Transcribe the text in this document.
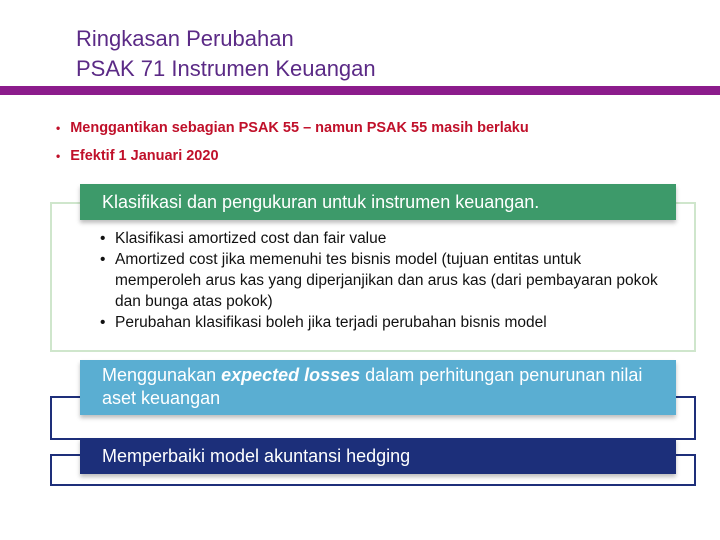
Ringkasan Perubahan
PSAK 71 Instrumen Keuangan
• Menggantikan sebagian PSAK 55 – namun PSAK 55 masih berlaku
• Efektif 1 Januari 2020
Klasifikasi dan pengukuran untuk instrumen keuangan.
• Klasifikasi amortized cost dan fair value
• Amortized cost jika memenuhi tes bisnis model (tujuan entitas untuk memperoleh arus kas yang diperjanjikan dan arus kas (dari pembayaran pokok dan bunga atas pokok)
• Perubahan klasifikasi boleh jika terjadi perubahan bisnis model
Menggunakan expected losses dalam perhitungan penurunan nilai aset keuangan
Memperbaiki model akuntansi hedging
